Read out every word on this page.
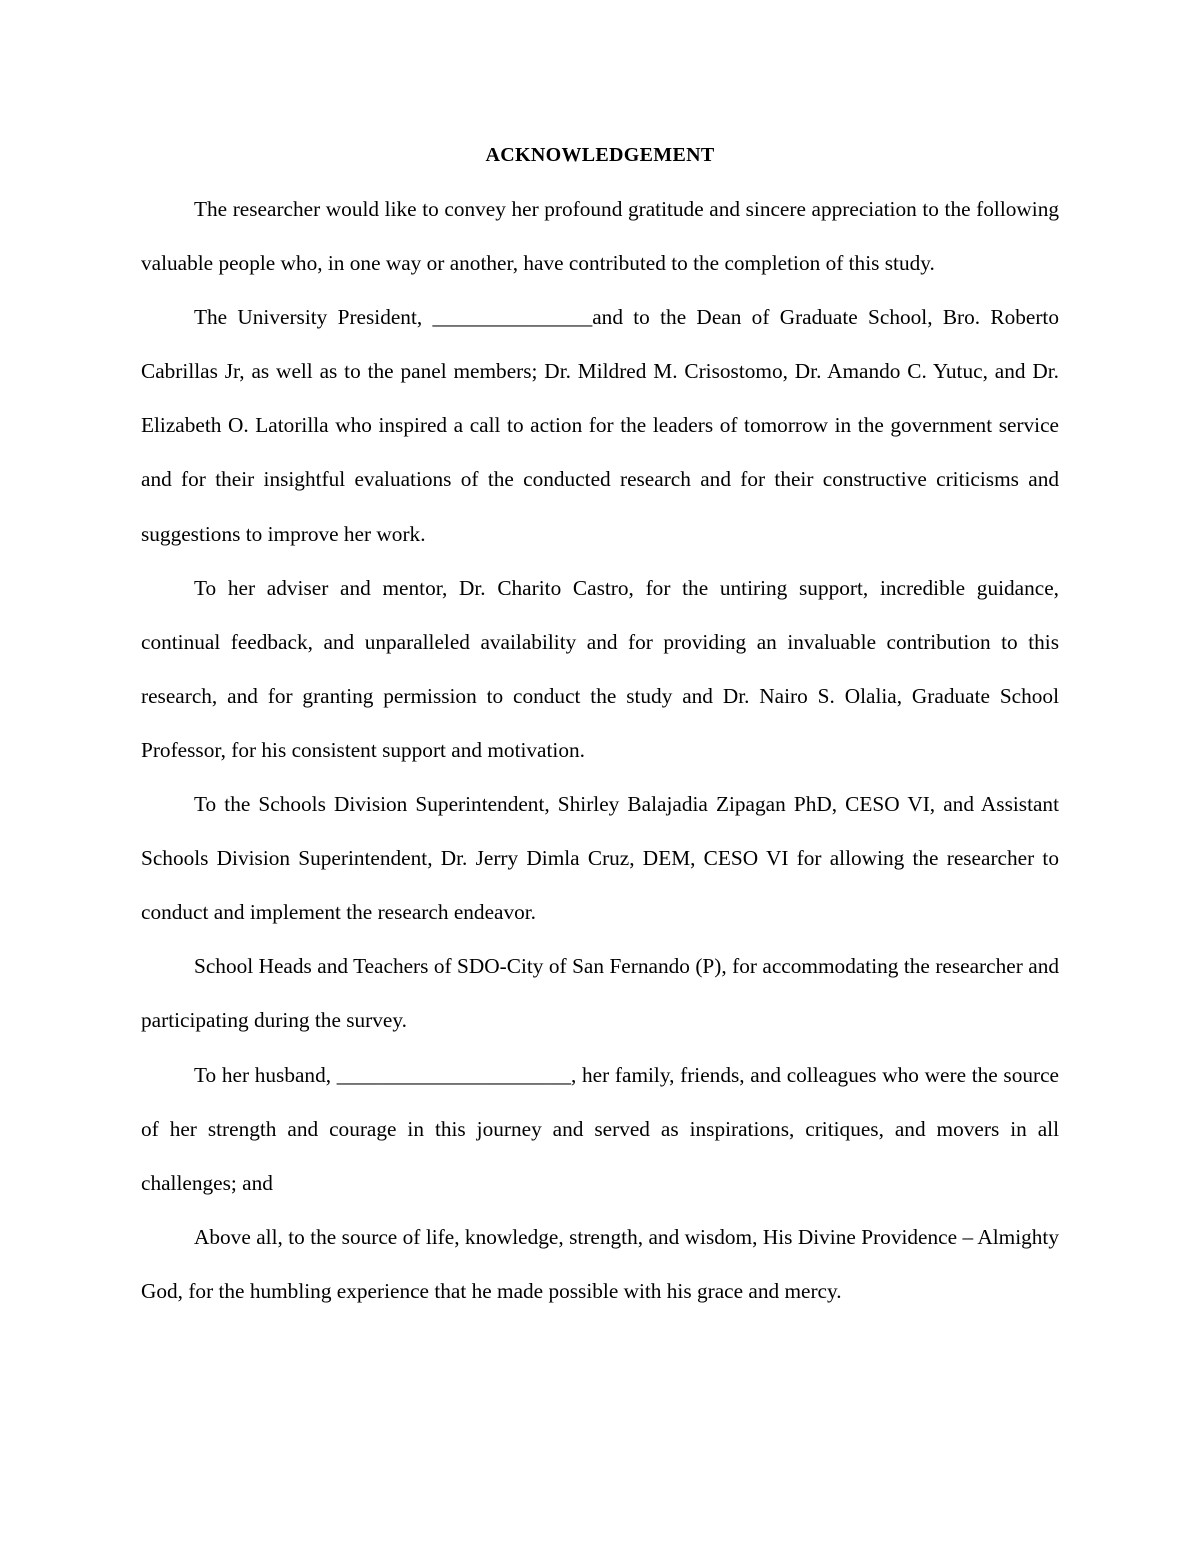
ACKNOWLEDGEMENT

The researcher would like to convey her profound gratitude and sincere appreciation to the following valuable people who, in one way or another, have contributed to the completion of this study.

The University President, _______________and to the Dean of Graduate School, Bro. Roberto Cabrillas Jr, as well as to the panel members; Dr. Mildred M. Crisostomo, Dr. Amando C. Yutuc, and Dr. Elizabeth O. Latorilla who inspired a call to action for the leaders of tomorrow in the government service and for their insightful evaluations of the conducted research and for their constructive criticisms and suggestions to improve her work.

To her adviser and mentor, Dr. Charito Castro, for the untiring support, incredible guidance, continual feedback, and unparalleled availability and for providing an invaluable contribution to this research, and for granting permission to conduct the study and Dr. Nairo S. Olalia, Graduate School Professor, for his consistent support and motivation.

To the Schools Division Superintendent, Shirley Balajadia Zipagan PhD, CESO VI, and Assistant Schools Division Superintendent, Dr. Jerry Dimla Cruz, DEM, CESO VI for allowing the researcher to conduct and implement the research endeavor.

School Heads and Teachers of SDO-City of San Fernando (P), for accommodating the researcher and participating during the survey.

To her husband, ______________________, her family, friends, and colleagues who were the source of her strength and courage in this journey and served as inspirations, critiques, and movers in all challenges; and

Above all, to the source of life, knowledge, strength, and wisdom, His Divine Providence – Almighty God, for the humbling experience that he made possible with his grace and mercy.
